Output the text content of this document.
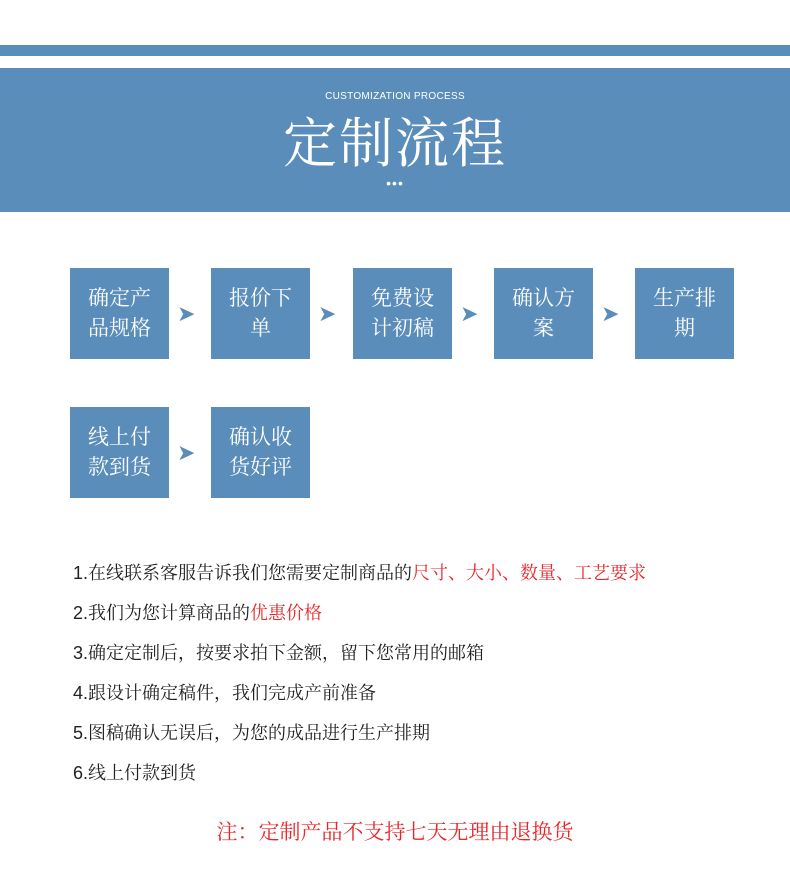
CUSTOMIZATION PROCESS
定制流程
•••
确定产品规格
➤
报价下单
➤
免费设计初稿
➤
确认方案
➤
生产排期
线上付款到货
➤
确认收货好评
1.在线联系客服告诉我们您需要定制商品的尺寸、大小、数量、工艺要求
2.我们为您计算商品的优惠价格
3.确定定制后，按要求拍下金额，留下您常用的邮箱
4.跟设计确定稿件，我们完成产前准备
5.图稿确认无误后，为您的成品进行生产排期
6.线上付款到货
注：定制产品不支持七天无理由退换货
